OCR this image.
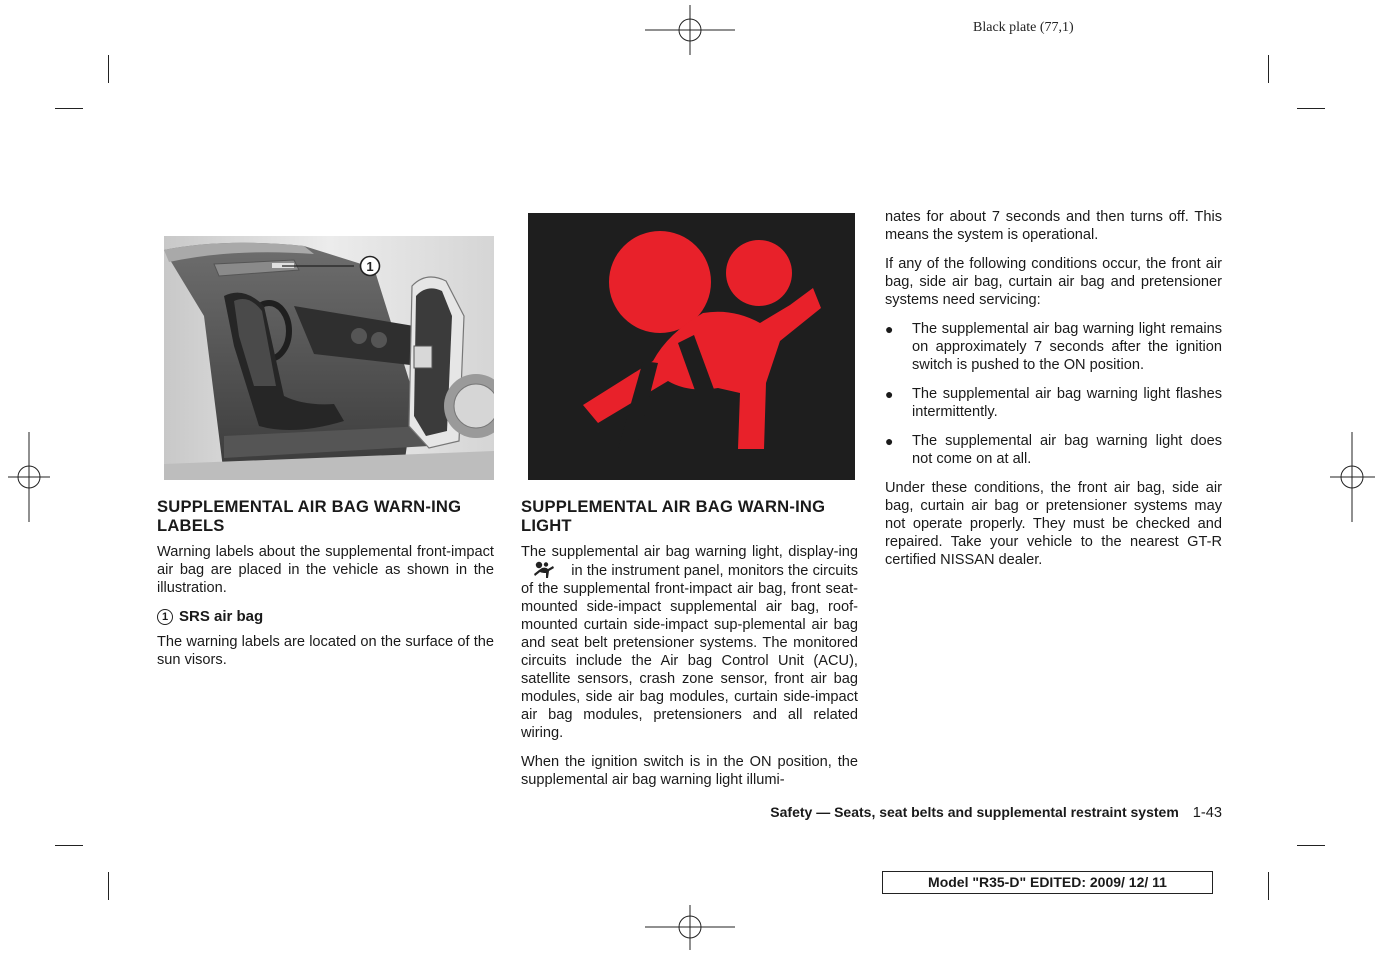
Black plate (77,1)
1
SUPPLEMENTAL AIR BAG WARN-ING LABELS

Warning labels about the supplemental front-impact air bag are placed in the vehicle as shown in the illustration.

1 SRS air bag

The warning labels are located on the surface of the sun visors.

SUPPLEMENTAL AIR BAG WARN-ING LIGHT

The supplemental air bag warning light, display-ing  in the instrument panel, monitors the circuits of the supplemental front-impact air bag, front seat-mounted side-impact supplemental air bag, roof-mounted curtain side-impact sup-plemental air bag and seat belt pretensioner systems. The monitored circuits include the Air bag Control Unit (ACU), satellite sensors, crash zone sensor, front air bag modules, side air bag modules, curtain side-impact air bag modules, pretensioners and all related wiring.

When the ignition switch is in the ON position, the supplemental air bag warning light illumi-

nates for about 7 seconds and then turns off. This means the system is operational.

If any of the following conditions occur, the front air bag, side air bag, curtain air bag and pretensioner systems need servicing:

● The supplemental air bag warning light remains on approximately 7 seconds after the ignition switch is pushed to the ON position.
● The supplemental air bag warning light flashes intermittently.
● The supplemental air bag warning light does not come on at all.

Under these conditions, the front air bag, side air bag, curtain air bag or pretensioner systems may not operate properly. They must be checked and repaired. Take your vehicle to the nearest GT-R certified NISSAN dealer.

Safety — Seats, seat belts and supplemental restraint system 1-43
Model "R35-D" EDITED: 2009/ 12/ 11
